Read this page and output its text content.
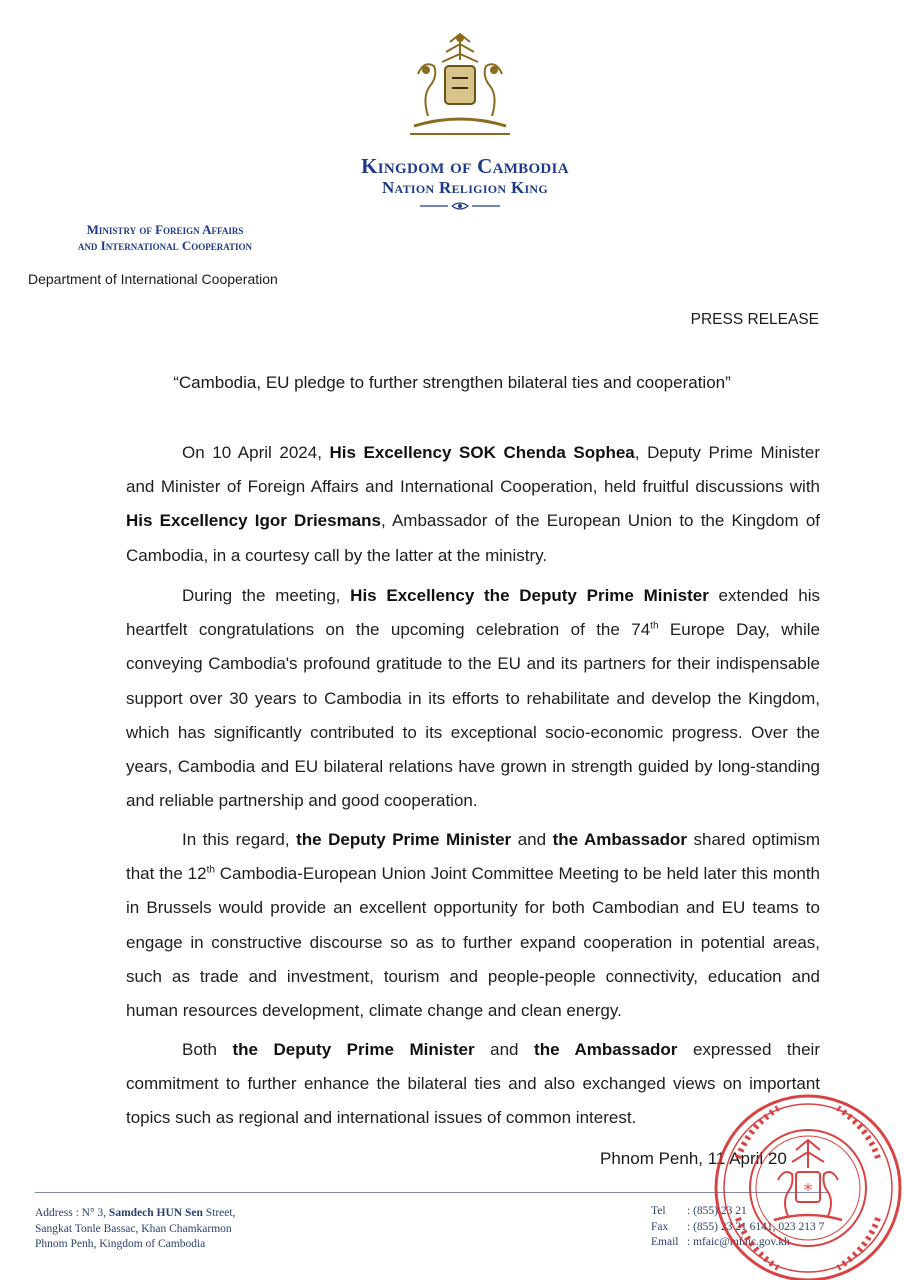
Kingdom of Cambodia
Nation Religion King
Ministry of Foreign Affairs
and International Cooperation
Department of International Cooperation
PRESS RELEASE
“Cambodia, EU pledge to further strengthen bilateral ties and cooperation”
On 10 April 2024, His Excellency SOK Chenda Sophea, Deputy Prime Minister and Minister of Foreign Affairs and International Cooperation, held fruitful discussions with His Excellency Igor Driesmans, Ambassador of the European Union to the Kingdom of Cambodia, in a courtesy call by the latter at the ministry.
During the meeting, His Excellency the Deputy Prime Minister extended his heartfelt congratulations on the upcoming celebration of the 74th Europe Day, while conveying Cambodia's profound gratitude to the EU and its partners for their indispensable support over 30 years to Cambodia in its efforts to rehabilitate and develop the Kingdom, which has significantly contributed to its exceptional socio-economic progress. Over the years, Cambodia and EU bilateral relations have grown in strength guided by long-standing and reliable partnership and good cooperation.
In this regard, the Deputy Prime Minister and the Ambassador shared optimism that the 12th Cambodia-European Union Joint Committee Meeting to be held later this month in Brussels would provide an excellent opportunity for both Cambodian and EU teams to engage in constructive discourse so as to further expand cooperation in potential areas, such as trade and investment, tourism and people-people connectivity, education and human resources development, climate change and clean energy.
Both the Deputy Prime Minister and the Ambassador expressed their commitment to further enhance the bilateral ties and also exchanged views on important topics such as regional and international issues of common interest.
Phnom Penh, 11 April 20
Address : N° 3, Samdech HUN Sen Street,
Sangkat Tonle Bassac, Khan Chamkarmon
Phnom Penh, Kingdom of Cambodia
Tel : (855) 23 21
Fax : (855) 23 21 6141, 023 213 7
Email : mfaic@mfaic.gov.kh
*
